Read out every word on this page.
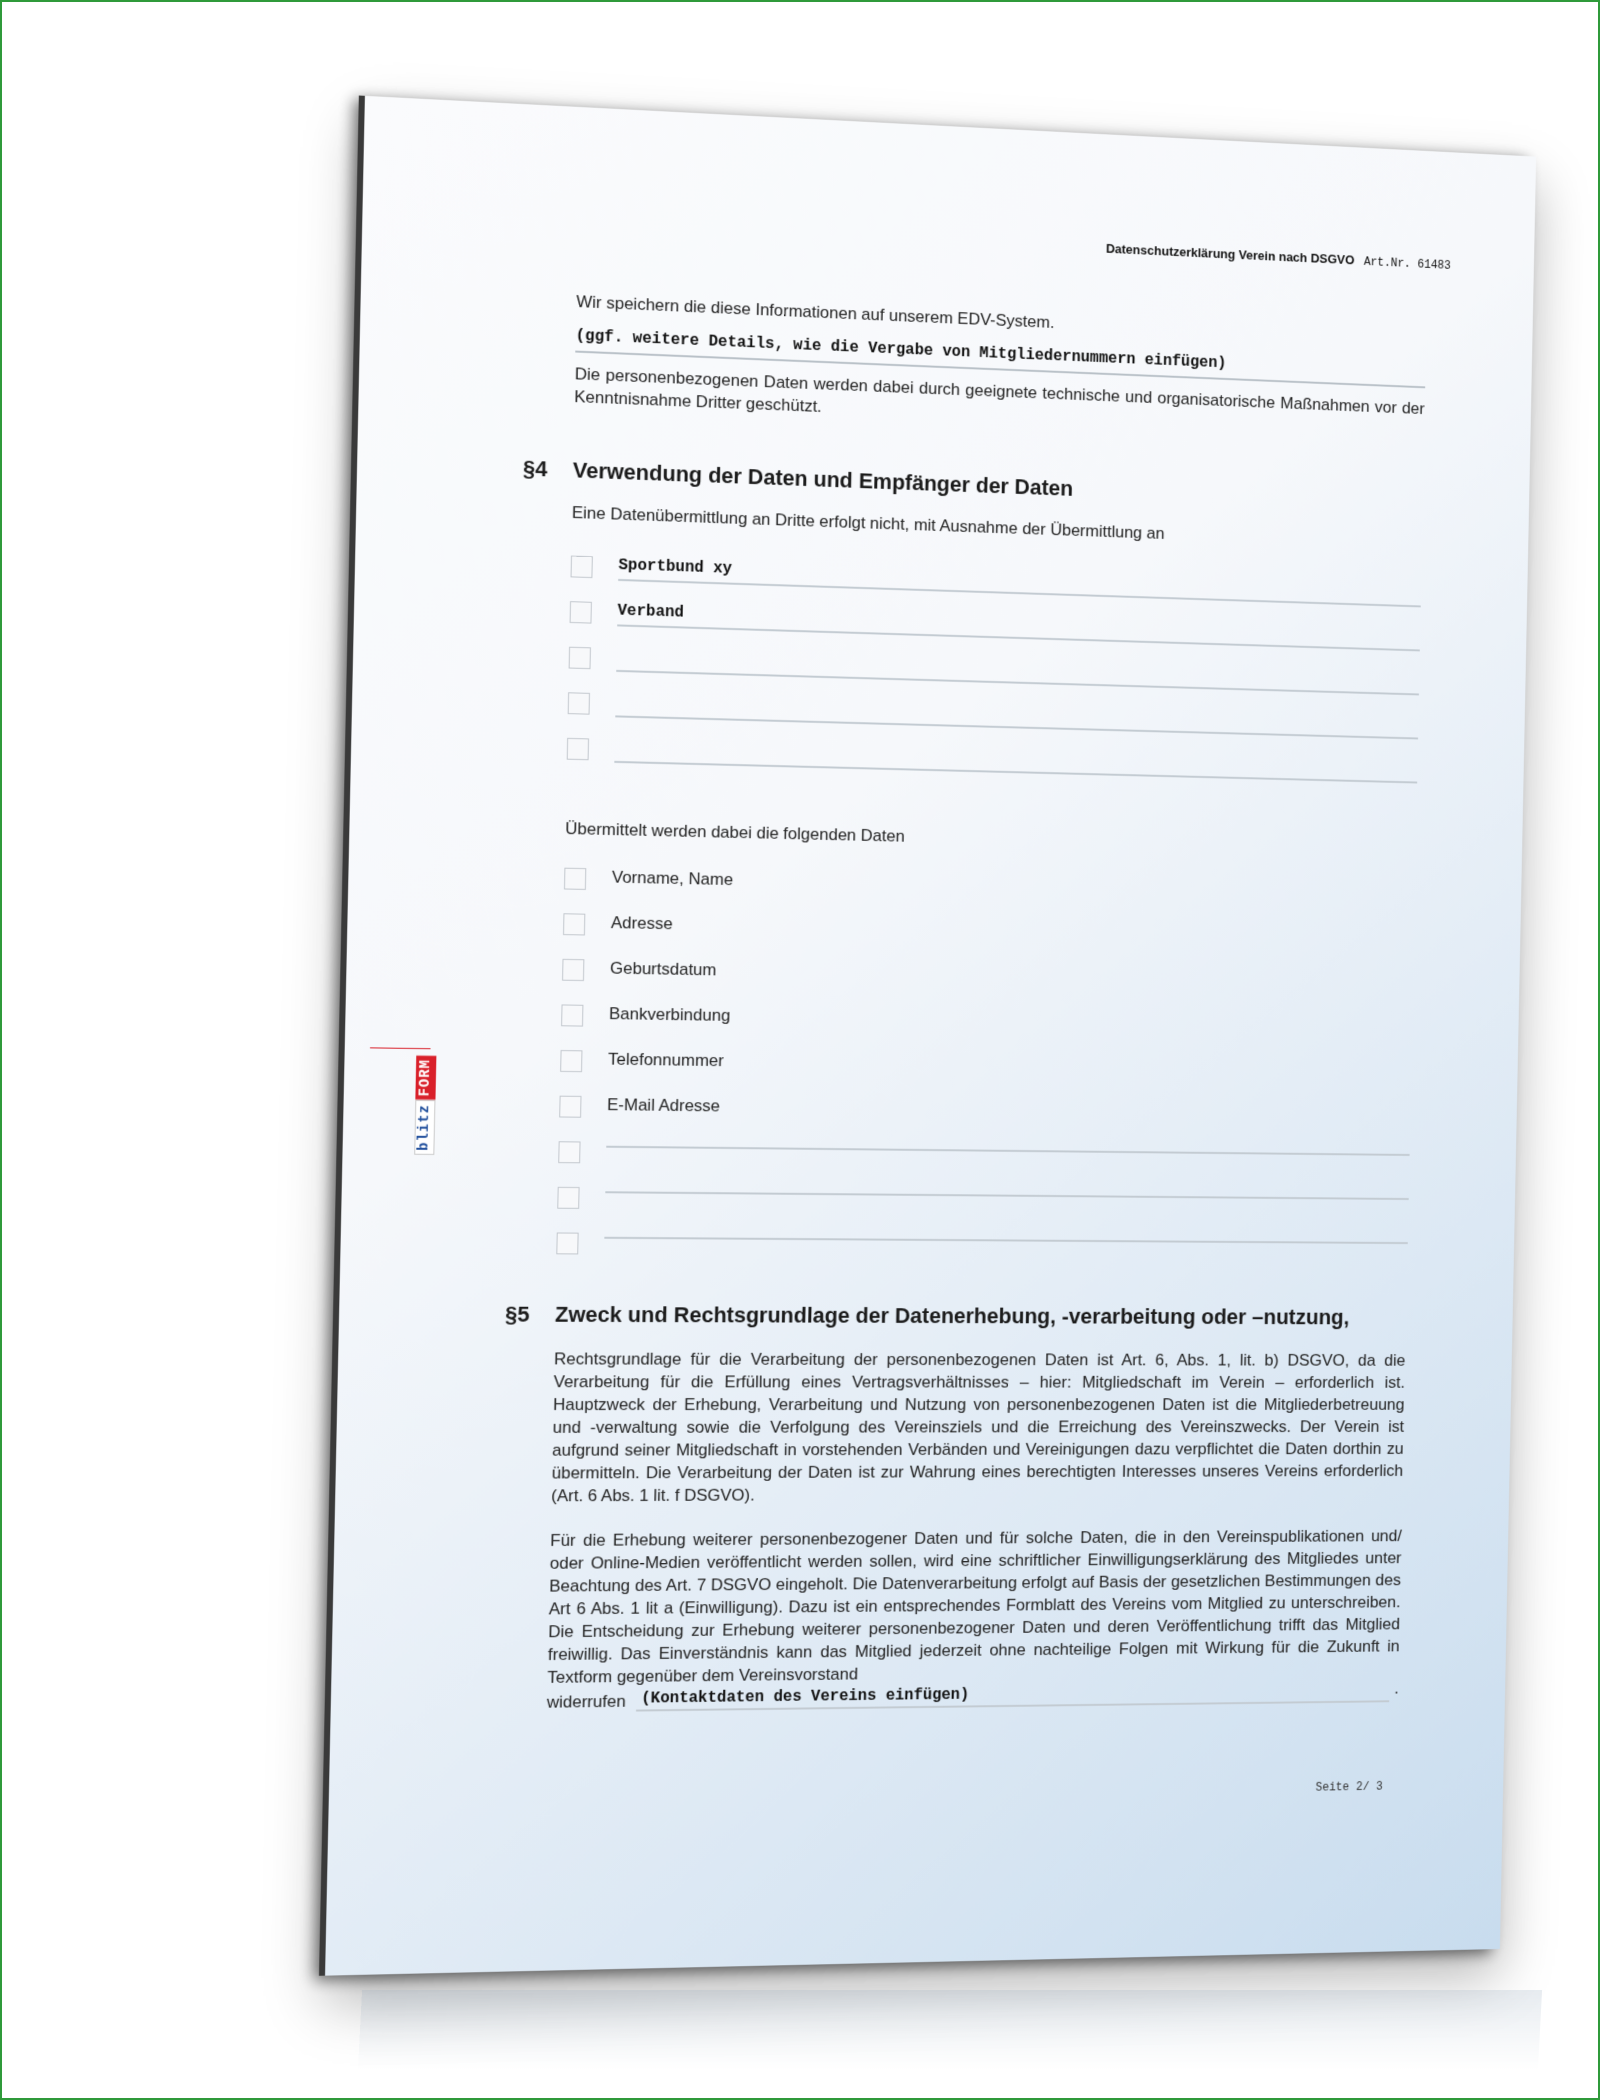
Datenschutzerklärung Verein nach DSGVO Art.Nr. 61483
FORM
blitz

Wir speichern die diese Informationen auf unserem EDV-System.

(ggf. weitere Details, wie die Vergabe von Mitgliedernummern einfügen)

Die personenbezogenen Daten werden dabei durch geeignete technische und organisatorische Maßnahmen vor der Kenntnisnahme Dritter geschützt.

§4 Verwendung der Daten und Empfänger der Daten

Eine Datenübermittlung an Dritte erfolgt nicht, mit Ausnahme der Übermittlung an

Sportbund xy
Verband

Übermittelt werden dabei die folgenden Daten

Vorname, Name
Adresse
Geburtsdatum
Bankverbindung
Telefonnummer
E-Mail Adresse
§5 Zweck und Rechtsgrundlage der Datenerhebung, -verarbeitung oder –nutzung,

Rechtsgrundlage für die Verarbeitung der personenbezogenen Daten ist Art. 6, Abs. 1, lit. b) DSGVO, da die Verarbeitung für die Erfüllung eines Vertragsverhältnisses – hier: Mitgliedschaft im Verein – erforderlich ist. Hauptzweck der Erhebung, Verarbeitung und Nutzung von personenbezogenen Daten ist die Mitgliederbetreuung und -verwaltung sowie die Verfolgung des Vereinsziels und die Erreichung des Vereinszwecks. Der Verein ist aufgrund seiner Mitgliedschaft in vorstehenden Verbänden und Vereinigungen dazu verpflichtet die Daten dorthin zu übermitteln. Die Verarbeitung der Daten ist zur Wahrung eines berechtigten Interesses unseres Vereins erforderlich (Art. 6 Abs. 1 lit. f DSGVO).

Für die Erhebung weiterer personenbezogener Daten und für solche Daten, die in den Vereinspublikationen und/ oder Online-Medien veröffentlicht werden sollen, wird eine schriftlicher Einwilligungserklärung des Mitgliedes unter Beachtung des Art. 7 DSGVO eingeholt. Die Datenverarbeitung erfolgt auf Basis der gesetzlichen Bestimmungen des Art 6 Abs. 1 lit a (Einwilligung). Dazu ist ein entsprechendes Formblatt des Vereins vom Mitglied zu unterschreiben. Die Entscheidung zur Erhebung weiterer personenbezogener Daten und deren Veröffentlichung trifft das Mitglied freiwillig. Das Einverständnis kann das Mitglied jederzeit ohne nachteilige Folgen mit Wirkung für die Zukunft in Textform gegenüber dem Vereinsvorstand

widerrufen (Kontaktdaten des Vereins einfügen)	.
Seite 2/ 3
